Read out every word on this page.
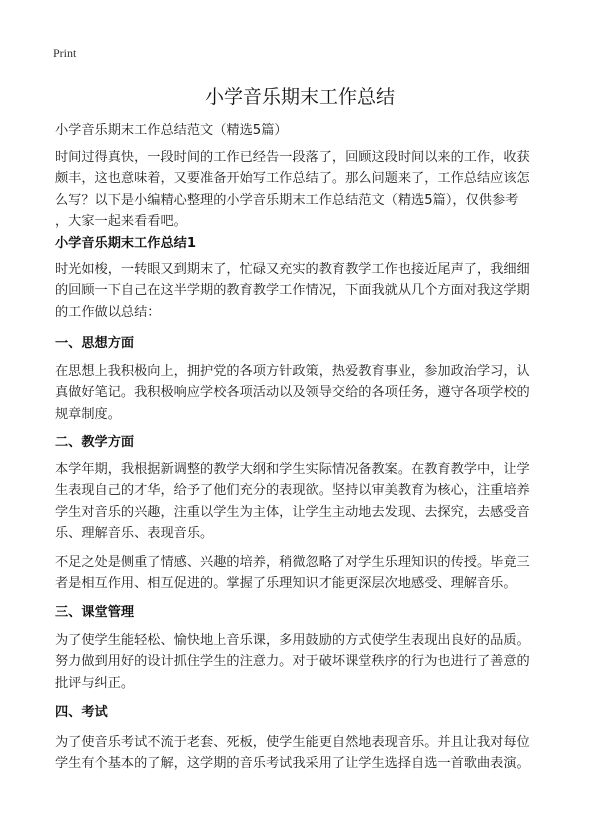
Print
小学音乐期末工作总结
小学音乐期末工作总结范文（精选5篇）
时间过得真快，一段时间的工作已经告一段落了，回顾这段时间以来的工作，收获
颇丰，这也意味着，又要准备开始写工作总结了。那么问题来了，工作总结应该怎
么写？以下是小编精心整理的小学音乐期末工作总结范文（精选5篇），仅供参考
，大家一起来看看吧。
小学音乐期末工作总结1
时光如梭，一转眼又到期末了，忙碌又充实的教育教学工作也接近尾声了，我细细
的回顾一下自己在这半学期的教育教学工作情况，下面我就从几个方面对我这学期
的工作做以总结：
一、思想方面
在思想上我积极向上，拥护党的各项方针政策，热爱教育事业，参加政治学习，认
真做好笔记。我积极响应学校各项活动以及领导交给的各项任务，遵守各项学校的
规章制度。
二、教学方面
本学年期，我根据新调整的教学大纲和学生实际情况备教案。在教育教学中，让学
生表现自己的才华，给予了他们充分的表现欲。坚持以审美教育为核心，注重培养
学生对音乐的兴趣，注重以学生为主体，让学生主动地去发现、去探究，去感受音
乐、理解音乐、表现音乐。
不足之处是侧重了情感、兴趣的培养，稍微忽略了对学生乐理知识的传授。毕竟三
者是相互作用、相互促进的。掌握了乐理知识才能更深层次地感受、理解音乐。
三、课堂管理
为了使学生能轻松、愉快地上音乐课，多用鼓励的方式使学生表现出良好的品质。
努力做到用好的设计抓住学生的注意力。对于破坏课堂秩序的行为也进行了善意的
批评与纠正。
四、考试
为了使音乐考试不流于老套、死板，使学生能更自然地表现音乐。并且让我对每位
学生有个基本的了解，这学期的音乐考试我采用了让学生选择自选一首歌曲表演。
